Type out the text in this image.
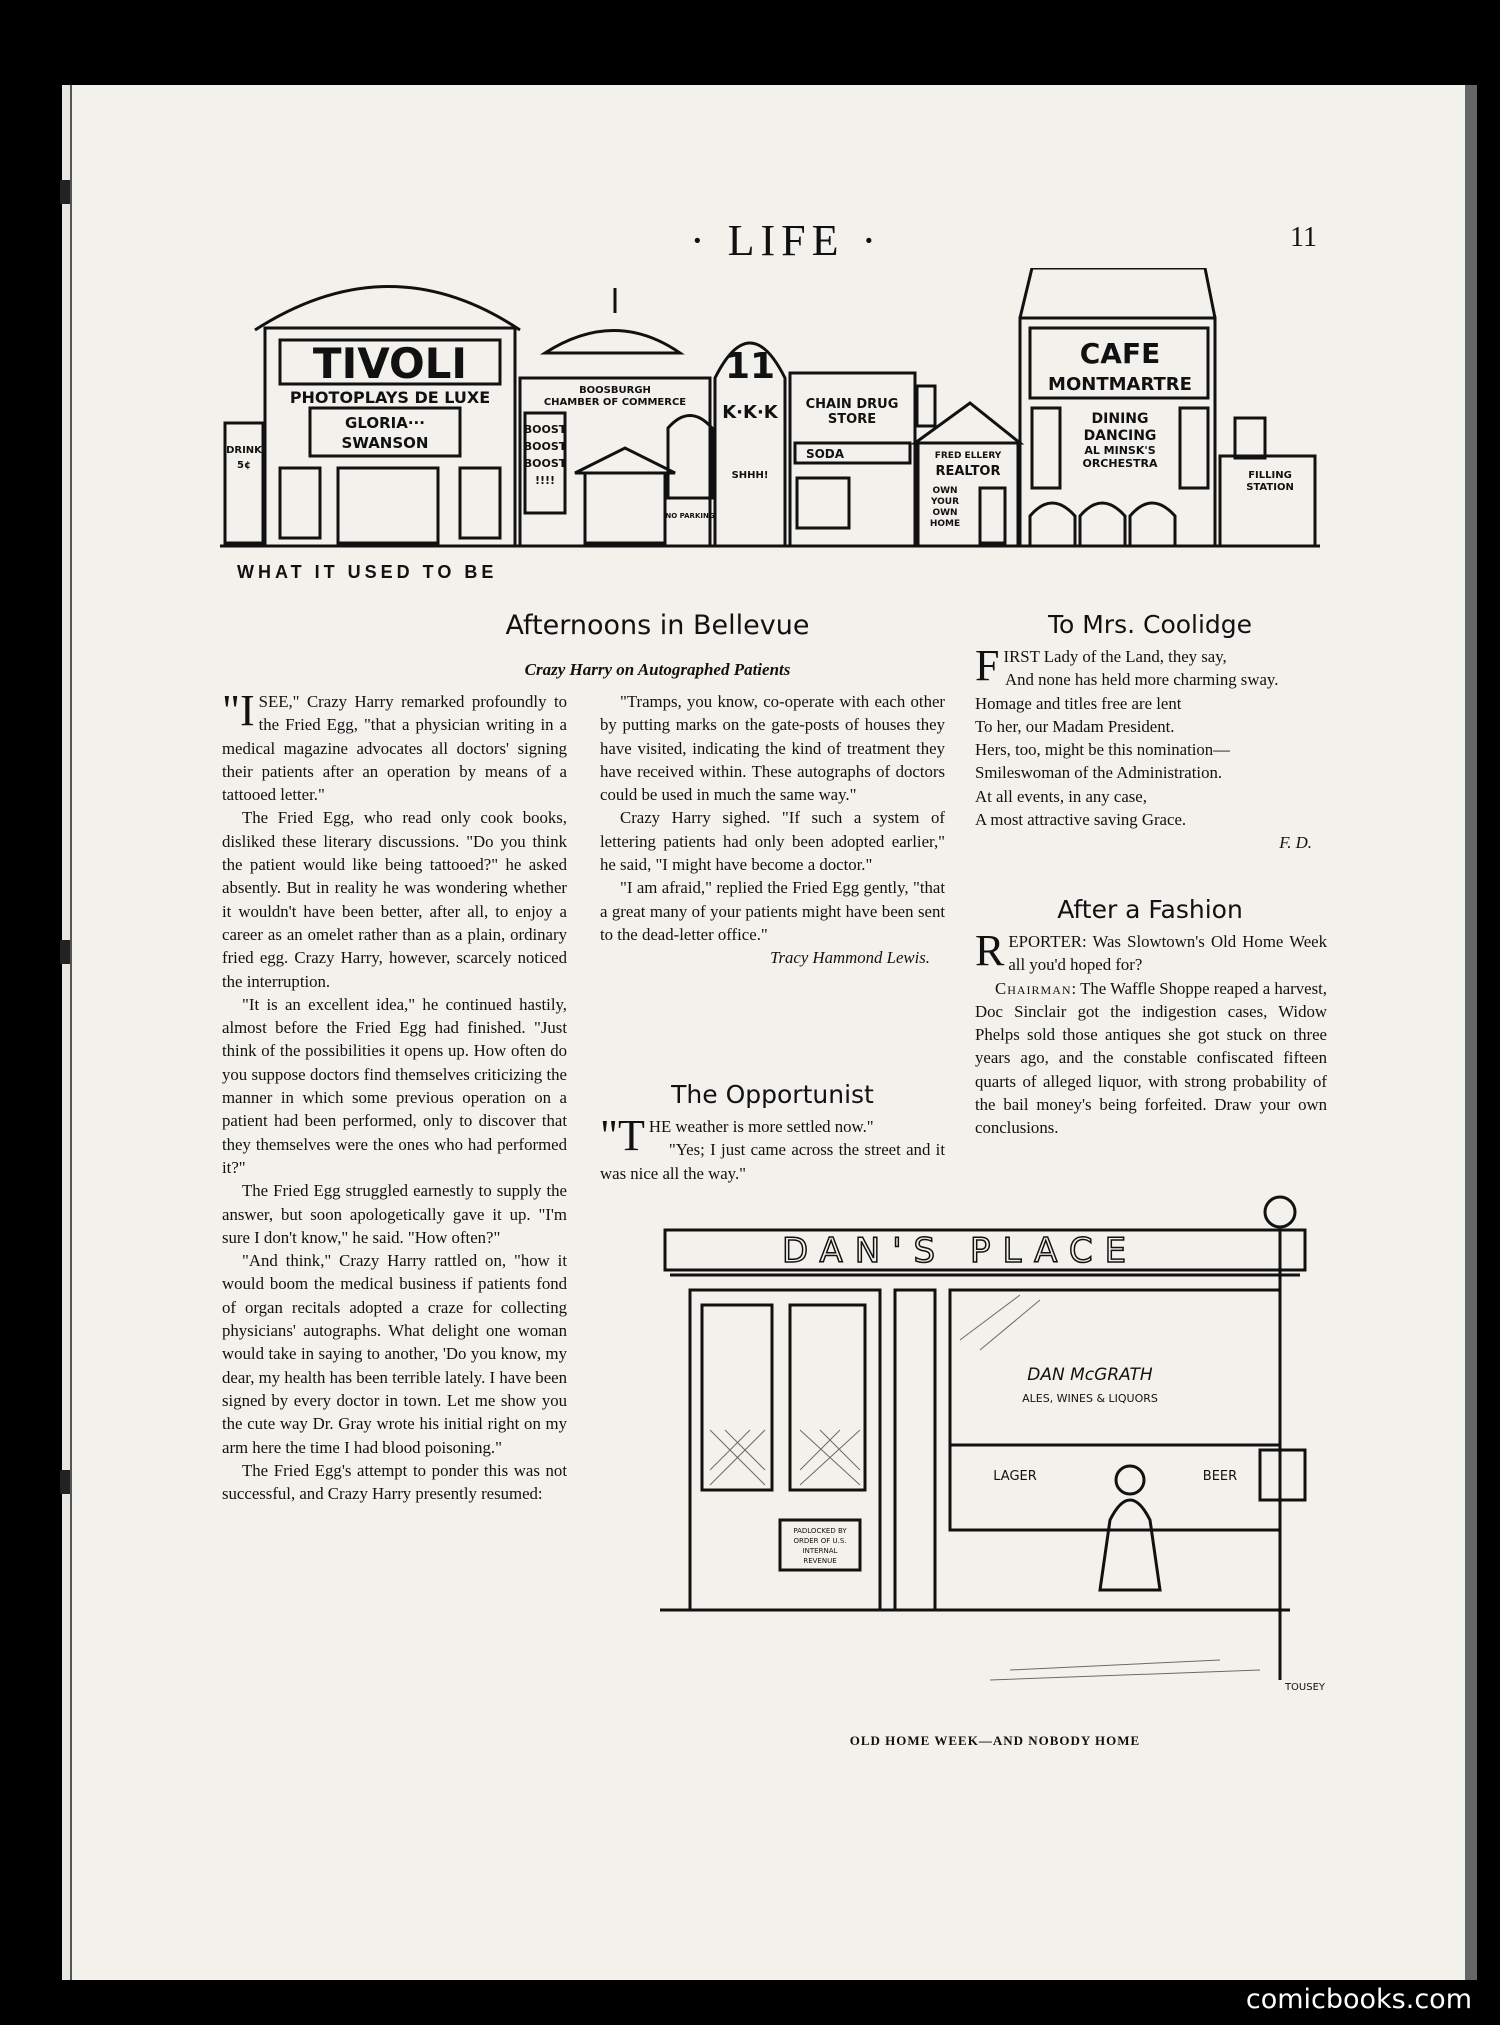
· LIFE ·	11
DRINK
5¢
TIVOLI
PHOTOPLAYS DE LUXE
GLORIA···
SWANSON
BOOSBURGH
CHAMBER OF COMMERCE
BOOST
BOOST
BOOST
!!!!
NO PARKING
11
K·K·K
SHHH!
CHAIN DRUG
STORE
SODA	FRED ELLERY
REALTOR
OWN
YOUR
OWN
HOME
CAFE
MONTMARTRE
DINING
DANCING
AL MINSK'S
ORCHESTRA
FILLING
STATION
WHAT IT USED TO BE
Afternoons in Bellevue
Crazy Harry on Autographed Patients

"I SEE," Crazy Harry remarked profoundly to the Fried Egg, "that a physician writing in a medical magazine advocates all doctors' signing their patients after an operation by means of a tattooed letter."

The Fried Egg, who read only cook books, disliked these literary discussions. "Do you think the patient would like being tattooed?" he asked absently. But in reality he was wondering whether it wouldn't have been better, after all, to enjoy a career as an omelet rather than as a plain, ordinary fried egg. Crazy Harry, however, scarcely noticed the interruption.

"It is an excellent idea," he continued hastily, almost before the Fried Egg had finished. "Just think of the possibilities it opens up. How often do you suppose doctors find themselves criticizing the manner in which some previous operation on a patient had been performed, only to discover that they themselves were the ones who had performed it?"

The Fried Egg struggled earnestly to supply the answer, but soon apologetically gave it up. "I'm sure I don't know," he said. "How often?"

"And think," Crazy Harry rattled on, "how it would boom the medical business if patients fond of organ recitals adopted a craze for collecting physicians' autographs. What delight one woman would take in saying to another, 'Do you know, my dear, my health has been terrible lately. I have been signed by every doctor in town. Let me show you the cute way Dr. Gray wrote his initial right on my arm here the time I had blood poisoning."

The Fried Egg's attempt to ponder this was not successful, and Crazy Harry presently resumed:

"Tramps, you know, co-operate with each other by putting marks on the gate-posts of houses they have visited, indicating the kind of treatment they have received within. These autographs of doctors could be used in much the same way."

Crazy Harry sighed. "If such a system of lettering patients had only been adopted earlier," he said, "I might have become a doctor."

"I am afraid," replied the Fried Egg gently, "that a great many of your patients might have been sent to the dead-letter office."

Tracy Hammond Lewis.

The Opportunist

"THE weather is more settled now."

"Yes; I just came across the street and it was nice all the way."

To Mrs. Coolidge

FIRST Lady of the Land, they say,

And none has held more charming sway.

Homage and titles free are lent

To her, our Madam President.

Hers, too, might be this nomination—

Smileswoman of the Administration.

At all events, in any case,

A most attractive saving Grace.

F. D.

After a Fashion

REPORTER: Was Slowtown's Old Home Week all you'd hoped for?

Chairman: The Waffle Shoppe reaped a harvest, Doc Sinclair got the indigestion cases, Widow Phelps sold those antiques she got stuck on three years ago, and the constable confiscated fifteen quarts of alleged liquor, with strong probability of the bail money's being forfeited. Draw your own conclusions.

DAN'S PLACE
DAN McGRATH
ALES, WINES & LIQUORS
LAGER	BEER
PADLOCKED BY
ORDER OF U.S.
INTERNAL
REVENUE
TOUSEY
OLD HOME WEEK—AND NOBODY HOME
comicbooks.com
